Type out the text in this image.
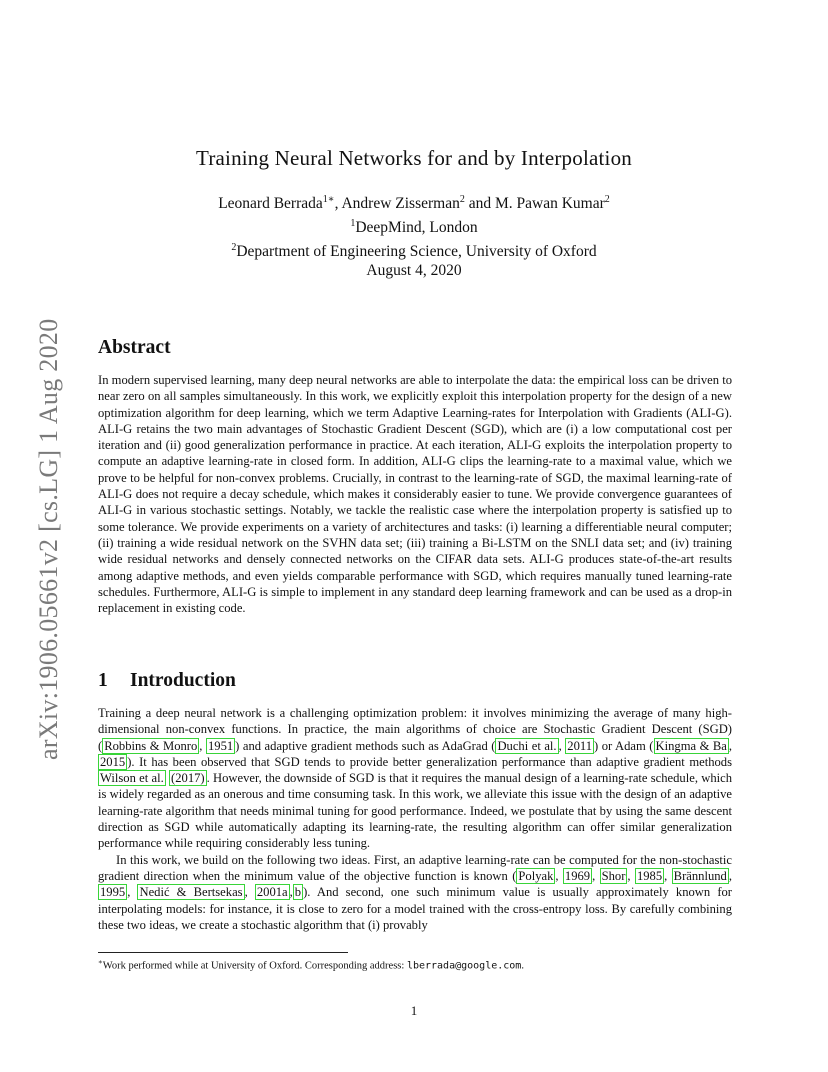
arXiv:1906.05661v2 [cs.LG] 1 Aug 2020
Training Neural Networks for and by Interpolation
Leonard Berrada$^{1∗}$, Andrew Zisserman$^2$ and M. Pawan Kumar$^2$
$^1$DeepMind, London
$^2$Department of Engineering Science, University of Oxford
August 4, 2020
Abstract
In modern supervised learning, many deep neural networks are able to interpolate the data: the empirical loss can be driven to near zero on all samples simultaneously. In this work, we explicitly exploit this interpolation property for the design of a new optimization algorithm for deep learning, which we term Adaptive Learning-rates for Interpolation with Gradients (ALI-G). ALI-G retains the two main advantages of Stochastic Gradient Descent (SGD), which are (i) a low computational cost per iteration and (ii) good generalization performance in practice. At each iteration, ALI-G exploits the interpolation property to compute an adaptive learning-rate in closed form. In addition, ALI-G clips the learning-rate to a maximal value, which we prove to be helpful for non-convex problems. Crucially, in contrast to the learning-rate of SGD, the maximal learning-rate of ALI-G does not require a decay schedule, which makes it considerably easier to tune. We provide convergence guarantees of ALI-G in various stochastic settings. Notably, we tackle the realistic case where the interpolation property is satisfied up to some tolerance. We provide experiments on a variety of architectures and tasks: (i) learning a differentiable neural computer; (ii) training a wide residual network on the SVHN data set; (iii) training a Bi-LSTM on the SNLI data set; and (iv) training wide residual networks and densely connected networks on the CIFAR data sets. ALI-G produces state-of-the-art results among adaptive methods, and even yields comparable performance with SGD, which requires manually tuned learning-rate schedules. Furthermore, ALI-G is simple to implement in any standard deep learning framework and can be used as a drop-in replacement in existing code.
1 Introduction
Training a deep neural network is a challenging optimization problem: it involves minimizing the average of many high-dimensional non-convex functions. In practice, the main algorithms of choice are Stochastic Gradient Descent (SGD) ( Robbins & Monro , 1951 ) and adaptive gradient methods such as AdaGrad ( Duchi et al. , 2011 ) or Adam ( Kingma & Ba , 2015 ). It has been observed that SGD tends to provide better generalization performance than adaptive gradient methods Wilson et al. (2017) . However, the downside of SGD is that it requires the manual design of a learning-rate schedule, which is widely regarded as an onerous and time consuming task. In this work, we alleviate this issue with the design of an adaptive learning-rate algorithm that needs minimal tuning for good performance. Indeed, we postulate that by using the same descent direction as SGD while automatically adapting its learning-rate, the resulting algorithm can offer similar generalization performance while requiring considerably less tuning.
In this work, we build on the following two ideas. First, an adaptive learning-rate can be computed for the non-stochastic gradient direction when the minimum value of the objective function is known ( Polyak , 1969 , Shor , 1985 , Brännlund , 1995 , Nedić & Bertsekas , 2001a , b ). And second, one such minimum value is usually approximately known for interpolating models: for instance, it is close to zero for a model trained with the cross-entropy loss. By carefully combining these two ideas, we create a stochastic algorithm that (i) provably
∗Work performed while at University of Oxford. Corresponding address: lberrada@google.com.
1
